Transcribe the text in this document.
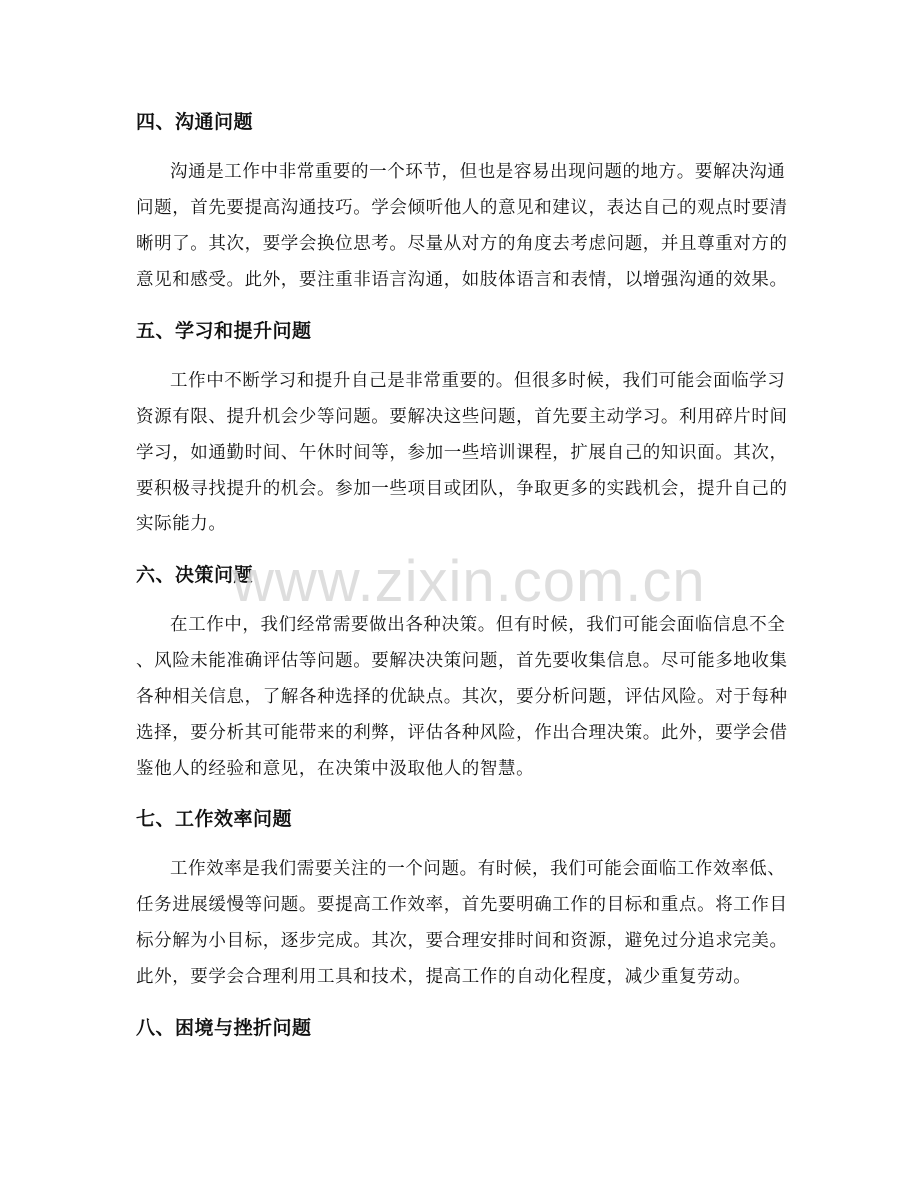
四、沟通问题
沟通是工作中非常重要的一个环节，但也是容易出现问题的地方。要解决沟通
问题，首先要提高沟通技巧。学会倾听他人的意见和建议，表达自己的观点时要清
晰明了。其次，要学会换位思考。尽量从对方的角度去考虑问题，并且尊重对方的
意见和感受。此外，要注重非语言沟通，如肢体语言和表情，以增强沟通的效果。
五、学习和提升问题
工作中不断学习和提升自己是非常重要的。但很多时候，我们可能会面临学习
资源有限、提升机会少等问题。要解决这些问题，首先要主动学习。利用碎片时间
学习，如通勤时间、午休时间等，参加一些培训课程，扩展自己的知识面。其次，
要积极寻找提升的机会。参加一些项目或团队，争取更多的实践机会，提升自己的
实际能力。
六、决策问题
在工作中，我们经常需要做出各种决策。但有时候，我们可能会面临信息不全
、风险未能准确评估等问题。要解决决策问题，首先要收集信息。尽可能多地收集
各种相关信息，了解各种选择的优缺点。其次，要分析问题，评估风险。对于每种
选择，要分析其可能带来的利弊，评估各种风险，作出合理决策。此外，要学会借
鉴他人的经验和意见，在决策中汲取他人的智慧。
七、工作效率问题
工作效率是我们需要关注的一个问题。有时候，我们可能会面临工作效率低、
任务进展缓慢等问题。要提高工作效率，首先要明确工作的目标和重点。将工作目
标分解为小目标，逐步完成。其次，要合理安排时间和资源，避免过分追求完美。
此外，要学会合理利用工具和技术，提高工作的自动化程度，减少重复劳动。
八、困境与挫折问题
www.zixin.com.cn
